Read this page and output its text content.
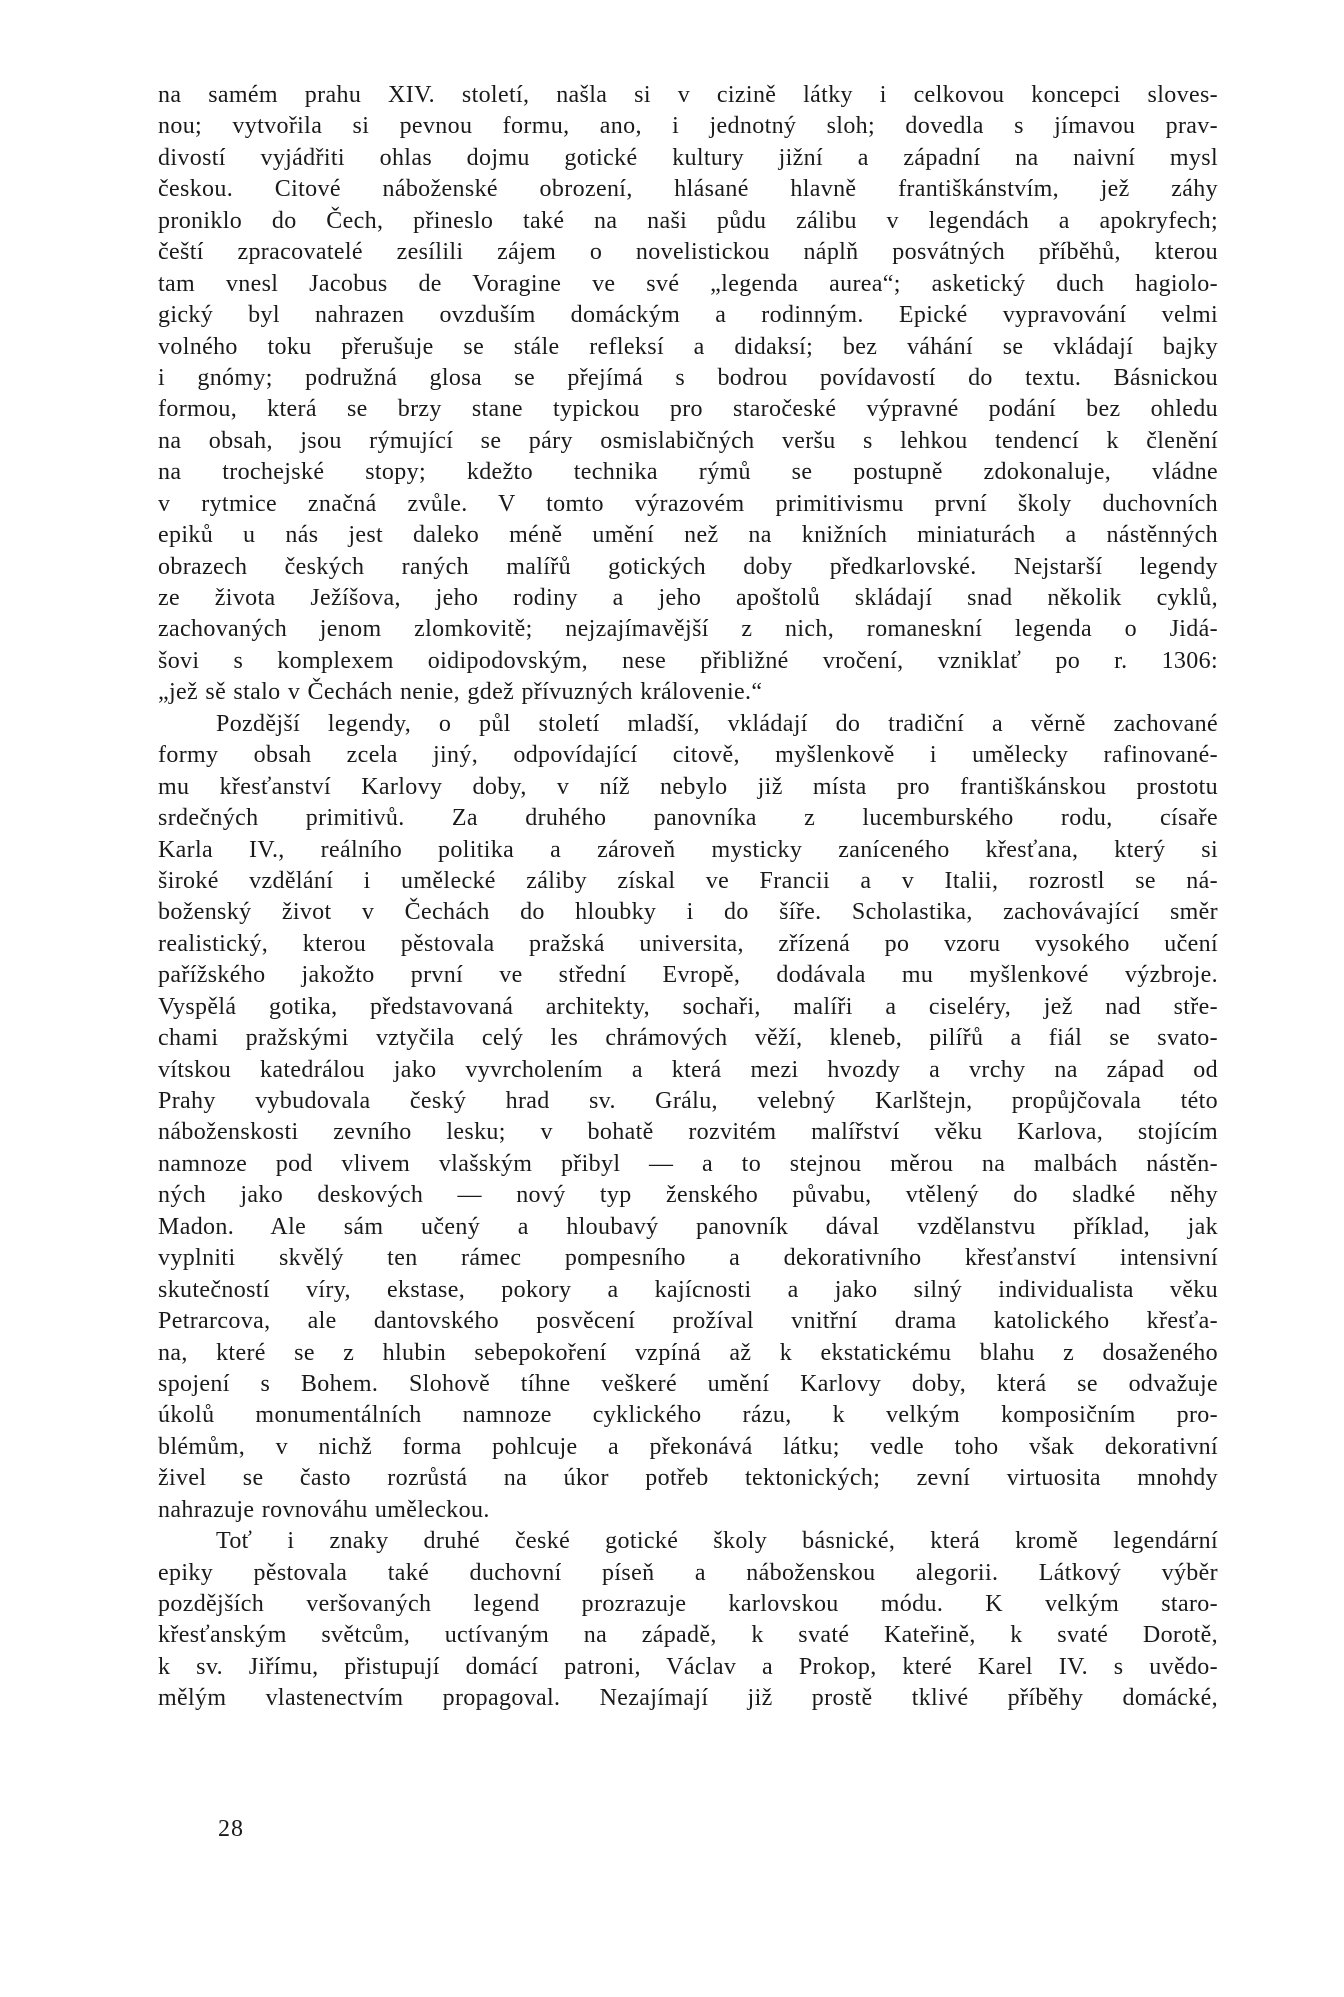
na samém prahu XIV. století, našla si v cizině látky i celkovou koncepci sloves-
nou; vytvořila si pevnou formu, ano, i jednotný sloh; dovedla s jímavou prav-
divostí vyjádřiti ohlas dojmu gotické kultury jižní a západní na naivní mysl
českou. Citové náboženské obrození, hlásané hlavně františkánstvím, jež záhy
proniklo do Čech, přineslo také na naši půdu zálibu v legendách a apokryfech;
čeští zpracovatelé zesílili zájem o novelistickou náplň posvátných příběhů, kterou
tam vnesl Jacobus de Voragine ve své „legenda aurea“; asketický duch hagiolo-
gický byl nahrazen ovzduším domáckým a rodinným. Epické vypravování velmi
volného toku přerušuje se stále refleksí a didaksí; bez váhání se vkládají bajky
i gnómy; podružná glosa se přejímá s bodrou povídavostí do textu. Básnickou
formou, která se brzy stane typickou pro staročeské výpravné podání bez ohledu
na obsah, jsou rýmující se páry osmislabičných veršu s lehkou tendencí k členění
na trochejské stopy; kdežto technika rýmů se postupně zdokonaluje, vládne
v rytmice značná zvůle. V tomto výrazovém primitivismu první školy duchovních
epiků u nás jest daleko méně umění než na knižních miniaturách a nástěnných
obrazech českých raných malířů gotických doby předkarlovské. Nejstarší legendy
ze života Ježíšova, jeho rodiny a jeho apoštolů skládají snad několik cyklů,
zachovaných jenom zlomkovitě; nejzajímavější z nich, romaneskní legenda o Jidá-
šovi s komplexem oidipodovským, nese přibližné vročení, vzniklať po r. 1306:
„jež sě stalo v Čechách nenie, gdež přívuzných královenie.“
Pozdější legendy, o půl století mladší, vkládají do tradiční a věrně zachované
formy obsah zcela jiný, odpovídající citově, myšlenkově i umělecky rafinované-
mu křesťanství Karlovy doby, v níž nebylo již místa pro františkánskou prostotu
srdečných primitivů. Za druhého panovníka z lucemburského rodu, císaře
Karla IV., reálního politika a zároveň mysticky zaníceného křesťana, který si
široké vzdělání i umělecké záliby získal ve Francii a v Italii, rozrostl se ná-
boženský život v Čechách do hloubky i do šíře. Scholastika, zachovávající směr
realistický, kterou pěstovala pražská universita, zřízená po vzoru vysokého učení
pařížského jakožto první ve střední Evropě, dodávala mu myšlenkové výzbroje.
Vyspělá gotika, představovaná architekty, sochaři, malíři a ciseléry, jež nad stře-
chami pražskými vztyčila celý les chrámových věží, kleneb, pilířů a fiál se svato-
vítskou katedrálou jako vyvrcholením a která mezi hvozdy a vrchy na západ od
Prahy vybudovala český hrad sv. Grálu, velebný Karlštejn, propůjčovala této
nábožens​kosti zevního lesku; v bohatě rozvitém malířství věku Karlova, stojícím
namnoze pod vlivem vlašským přibyl — a to stejnou měrou na malbách nástěn-
ných jako deskových — nový typ ženského půvabu, vtělený do sladké něhy
Madon. Ale sám učený a hloubavý panovník dával vzdělanstvu příklad, jak
vyplniti skvělý ten rámec pompesního a dekorativního křesťanství intensivní
skutečností víry, ekstase, pokory a kajícnosti a jako silný individualista věku
Petrarcova, ale dantovského posvěcení prožíval vnitřní drama katolického křesťa-
na, které se z hlubin sebepokoření vzpíná až k ekstatickému blahu z dosaženého
spojení s Bohem. Slohově tíhne veškeré umění Karlovy doby, která se odvažuje
úkolů monumentálních namnoze cyklického rázu, k velkým komposičním pro-
blémům, v nichž forma pohlcuje a překonává látku; vedle toho však dekorativní
živel se často rozrůstá na úkor potřeb tektonických; zevní virtuosita mnohdy
nahrazuje rovnováhu uměleckou.
Toť i znaky druhé české gotické školy básnické, která kromě legendární
epiky pěstovala také duchovní píseň a náboženskou alegorii. Látkový výběr
pozdějších veršovaných legend prozrazuje karlovskou módu. K velkým staro-
křesťanským světcům, uctívaným na západě, k svaté Kateřině, k svaté Dorotě,
k sv. Jiřímu, přistupují domácí patroni, Václav a Prokop, které Karel IV. s uvědo-
mělým vlastenectvím propagoval. Nezajímají již prostě tklivé příběhy domácké,
28
